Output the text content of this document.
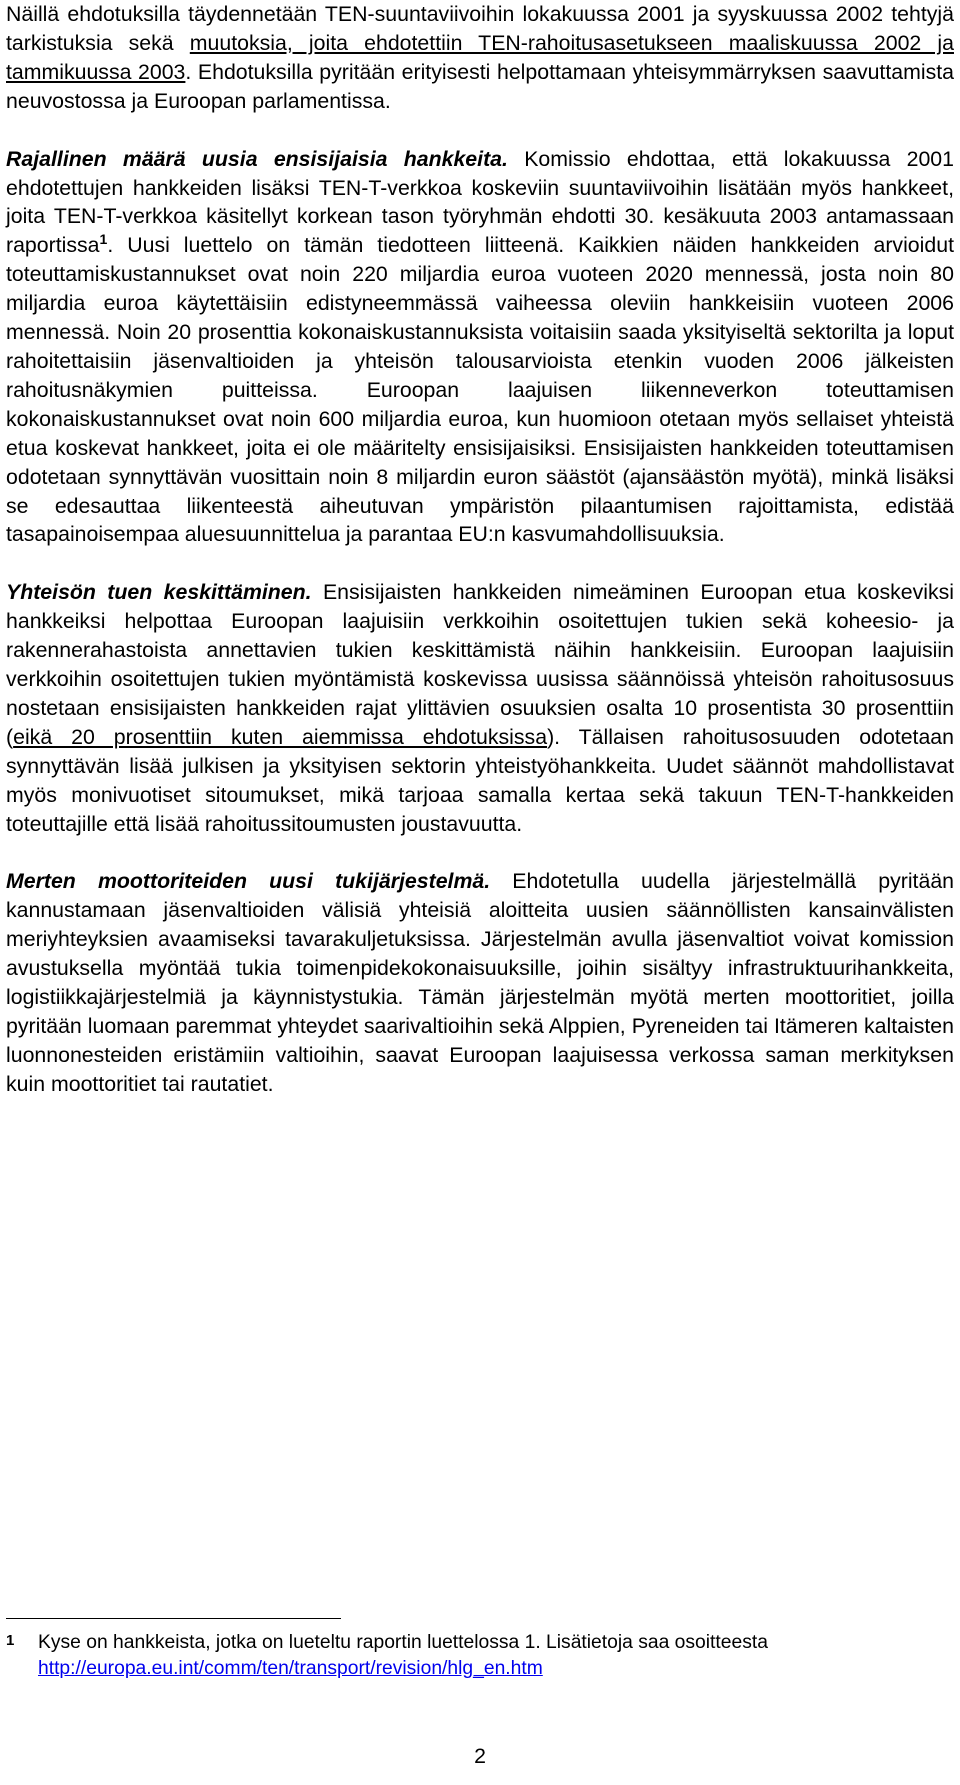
Näillä ehdotuksilla täydennetään TEN-suuntaviivoihin lokakuussa 2001 ja syyskuussa 2002 tehtyjä tarkistuksia sekä muutoksia, joita ehdotettiin TEN-rahoitusasetukseen maaliskuussa 2002 ja tammikuussa 2003. Ehdotuksilla pyritään erityisesti helpottamaan yhteisymmärryksen saavuttamista neuvostossa ja Euroopan parlamentissa.

Rajallinen määrä uusia ensisijaisia hankkeita. Komissio ehdottaa, että lokakuussa 2001 ehdotettujen hankkeiden lisäksi TEN-T-verkkoa koskeviin suuntaviivoihin lisätään myös hankkeet, joita TEN-T-verkkoa käsitellyt korkean tason työryhmän ehdotti 30. kesäkuuta 2003 antamassaan raportissa$^1$. Uusi luettelo on tämän tiedotteen liitteenä. Kaikkien näiden hankkeiden arvioidut toteuttamiskustannukset ovat noin 220 miljardia euroa vuoteen 2020 mennessä, josta noin 80 miljardia euroa käytettäisiin edistyneemmässä vaiheessa oleviin hankkeisiin vuoteen 2006 mennessä. Noin 20 prosenttia kokonaiskustannuksista voitaisiin saada yksityiseltä sektorilta ja loput rahoitettaisiin jäsenvaltioiden ja yhteisön talousarvioista etenkin vuoden 2006 jälkeisten rahoitusnäkymien puitteissa. Euroopan laajuisen liikenneverkon toteuttamisen kokonaiskustannukset ovat noin 600 miljardia euroa, kun huomioon otetaan myös sellaiset yhteistä etua koskevat hankkeet, joita ei ole määritelty ensisijaisiksi. Ensisijaisten hankkeiden toteuttamisen odotetaan synnyttävän vuosittain noin 8 miljardin euron säästöt (ajansäästön myötä), minkä lisäksi se edesauttaa liikenteestä aiheutuvan ympäristön pilaantumisen rajoittamista, edistää tasapainoisempaa aluesuunnittelua ja parantaa EU:n kasvumahdollisuuksia.

Yhteisön tuen keskittäminen. Ensisijaisten hankkeiden nimeäminen Euroopan etua koskeviksi hankkeiksi helpottaa Euroopan laajuisiin verkkoihin osoitettujen tukien sekä koheesio- ja rakennerahastoista annettavien tukien keskittämistä näihin hankkeisiin. Euroopan laajuisiin verkkoihin osoitettujen tukien myöntämistä koskevissa uusissa säännöissä yhteisön rahoitusosuus nostetaan ensisijaisten hankkeiden rajat ylittävien osuuksien osalta 10 prosentista 30 prosenttiin (eikä 20 prosenttiin kuten aiemmissa ehdotuksissa). Tällaisen rahoitusosuuden odotetaan synnyttävän lisää julkisen ja yksityisen sektorin yhteistyöhankkeita. Uudet säännöt mahdollistavat myös monivuotiset sitoumukset, mikä tarjoaa samalla kertaa sekä takuun TEN-T-hankkeiden toteuttajille että lisää rahoitussitoumusten joustavuutta.

Merten moottoriteiden uusi tukijärjestelmä. Ehdotetulla uudella järjestelmällä pyritään kannustamaan jäsenvaltioiden välisiä yhteisiä aloitteita uusien säännöllisten kansainvälisten meriyhteyksien avaamiseksi tavarakuljetuksissa. Järjestelmän avulla jäsenvaltiot voivat komission avustuksella myöntää tukia toimenpidekokonaisuuksille, joihin sisältyy infrastruktuurihankkeita, logistiikkajärjestelmiä ja käynnistystukia. Tämän järjestelmän myötä merten moottoritiet, joilla pyritään luomaan paremmat yhteydet saarivaltioihin sekä Alppien, Pyreneiden tai Itämeren kaltaisten luonnonesteiden eristämiin valtioihin, saavat Euroopan laajuisessa verkossa saman merkityksen kuin moottoritiet tai rautatiet.

1 Kyse on hankkeista, jotka on lueteltu raportin luettelossa 1. Lisätietoja saa osoitteesta http://europa.eu.int/comm/ten/transport/revision/hlg_en.htm
2
